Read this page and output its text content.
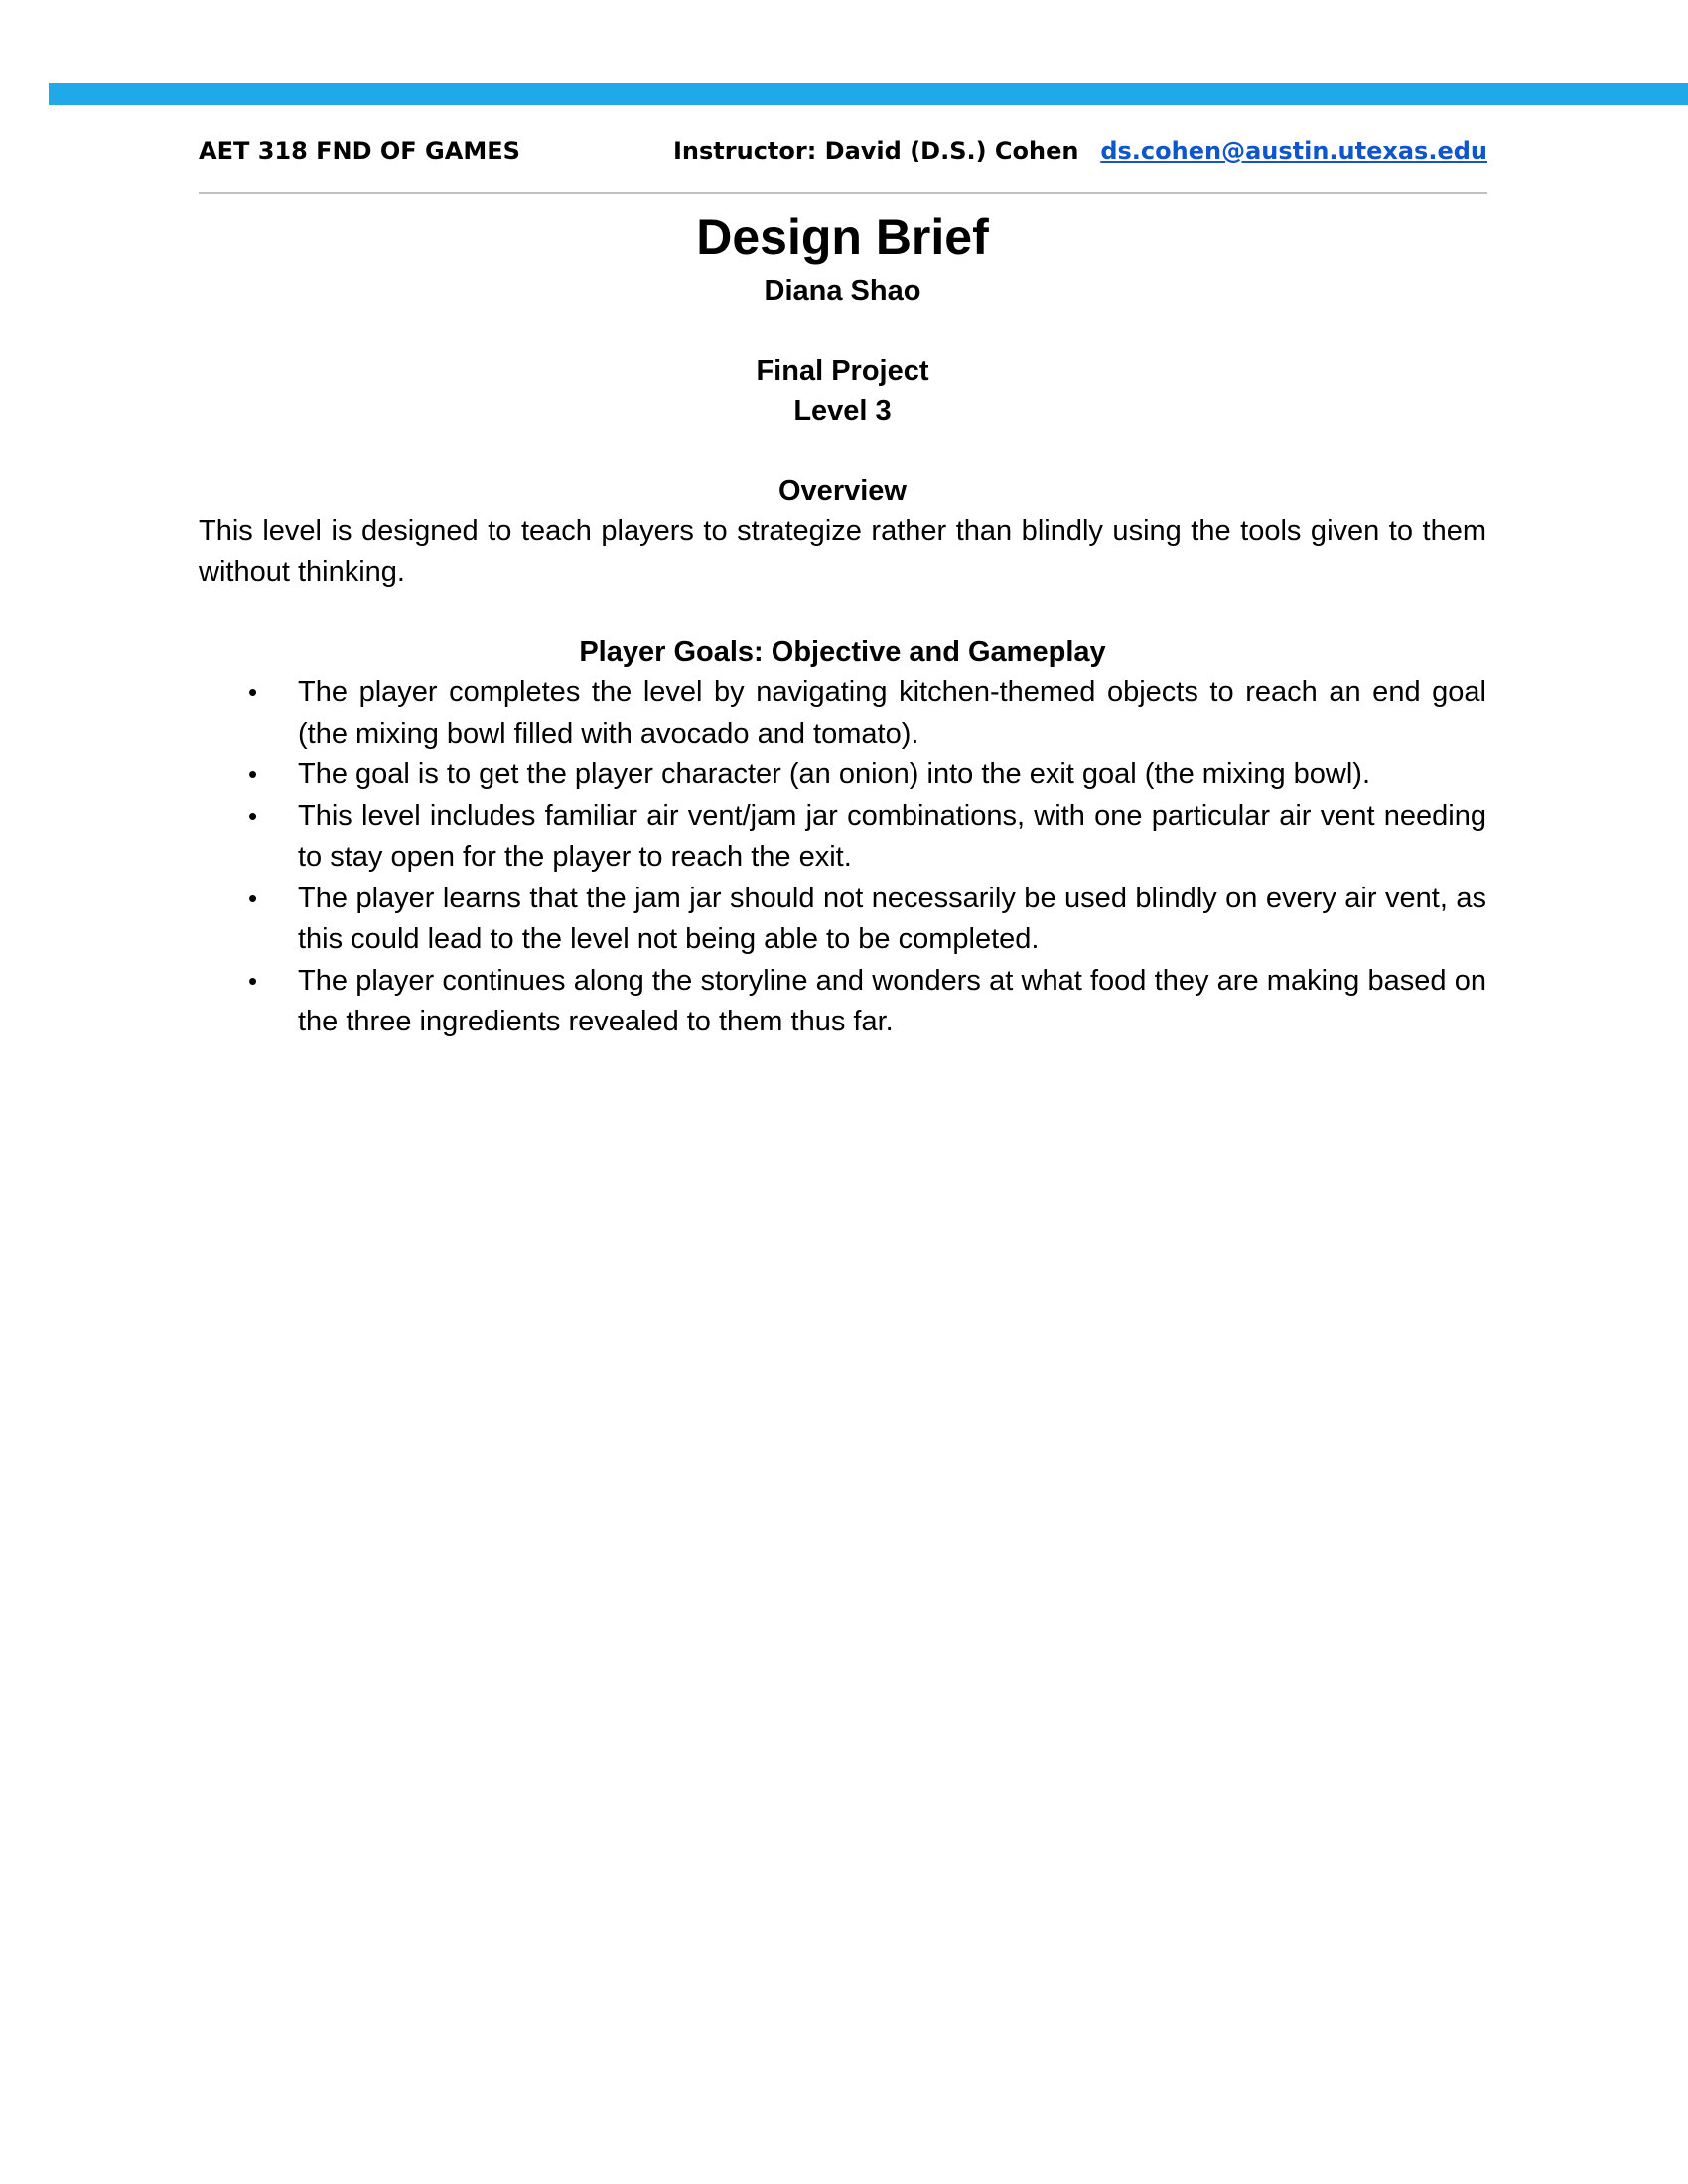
AET 318 FND OF GAMES	Instructor: David (D.S.) Cohen ds.cohen@austin.utexas.edu
Design Brief

Diana Shao

Final Project

Level 3

Overview

This level is designed to teach players to strategize rather than blindly using the tools given to them without thinking.

Player Goals: Objective and Gameplay

• The player completes the level by navigating kitchen-themed objects to reach an end goal (the mixing bowl filled with avocado and tomato).
• The goal is to get the player character (an onion) into the exit goal (the mixing bowl).
• This level includes familiar air vent/jam jar combinations, with one particular air vent needing to stay open for the player to reach the exit.
• The player learns that the jam jar should not necessarily be used blindly on every air vent, as this could lead to the level not being able to be completed.
• The player continues along the storyline and wonders at what food they are making based on the three ingredients revealed to them thus far.
